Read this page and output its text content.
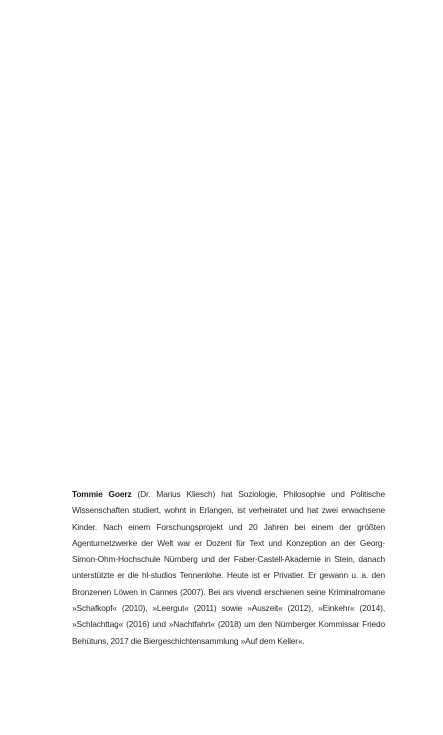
Tommie Goerz (Dr. Marius Kliesch) hat Soziologie, Philosophie und Politische Wissenschaften studiert, wohnt in Erlangen, ist verheiratet und hat zwei erwachsene Kinder. Nach einem Forschungsprojekt und 20 Jahren bei einem der größten Agenturnetzwerke der Welt war er Dozent für Text und Konzeption an der Georg-Simon-Ohm-Hochschule Nürnberg und der Faber-Castell-Akademie in Stein, danach unterstützte er die hl-studios Tennenlohe. Heute ist er Privatier. Er gewann u. a. den Bronzenen Löwen in Cannes (2007). Bei ars vivendi erschienen seine Kriminalromane »Schafkopf« (2010), »Leergut« (2011) sowie »Auszeit« (2012), »Einkehr« (2014), »Schlachttag« (2016) und »Nachtfahrt« (2018) um den Nürnberger Kommissar Friedo Behütuns, 2017 die Biergeschichtensammlung »Auf dem Keller«.
